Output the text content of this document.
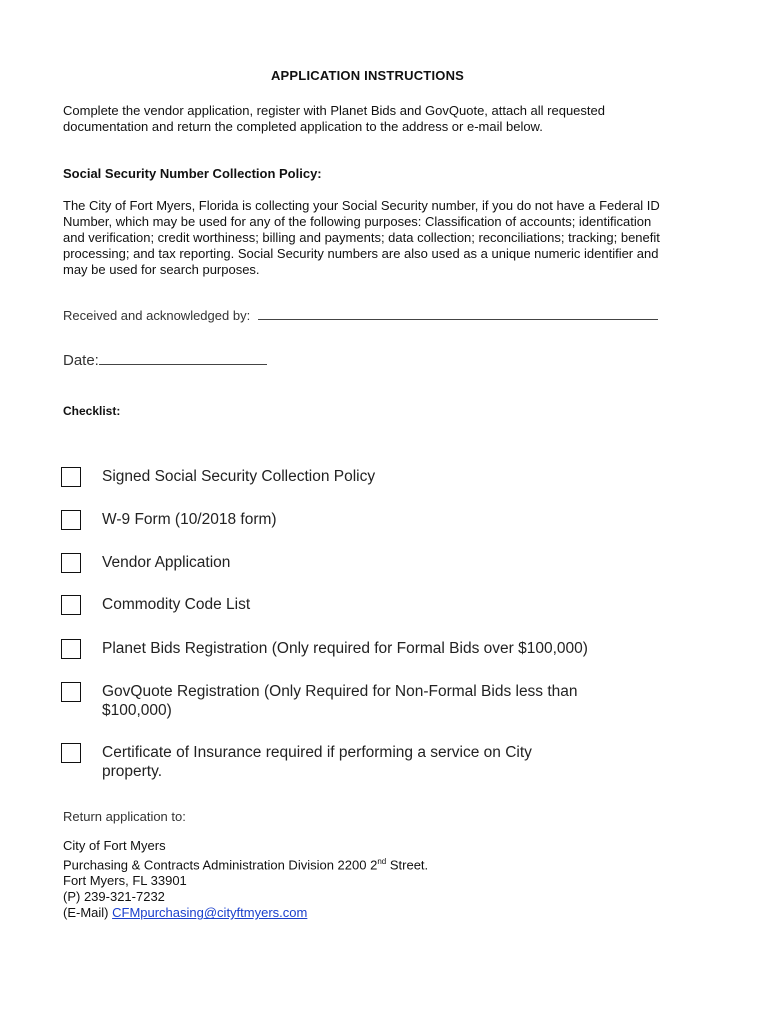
APPLICATION INSTRUCTIONS
Complete the vendor application, register with Planet Bids and GovQuote, attach all requested documentation and return the completed application to the address or e-mail below.
Social Security Number Collection Policy:
The City of Fort Myers, Florida is collecting your Social Security number, if you do not have a Federal ID Number, which may be used for any of the following purposes: Classification of accounts; identification and verification; credit worthiness; billing and payments; data collection; reconciliations; tracking; benefit processing; and tax reporting. Social Security numbers are also used as a unique numeric identifier and may be used for search purposes.
Received and acknowledged by:
Date:
Checklist:
Signed Social Security Collection Policy
W-9 Form (10/2018 form)
Vendor Application
Commodity Code List
Planet Bids Registration (Only required for Formal Bids over $100,000)
GovQuote Registration (Only Required for Non-Formal Bids less than $100,000)
Certificate of Insurance required if performing a service on City property.
Return application to:
City of Fort Myers
Purchasing & Contracts Administration Division 2200 2nd Street.
Fort Myers, FL 33901
(P) 239-321-7232
(E-Mail) CFMpurchasing@cityftmyers.com
